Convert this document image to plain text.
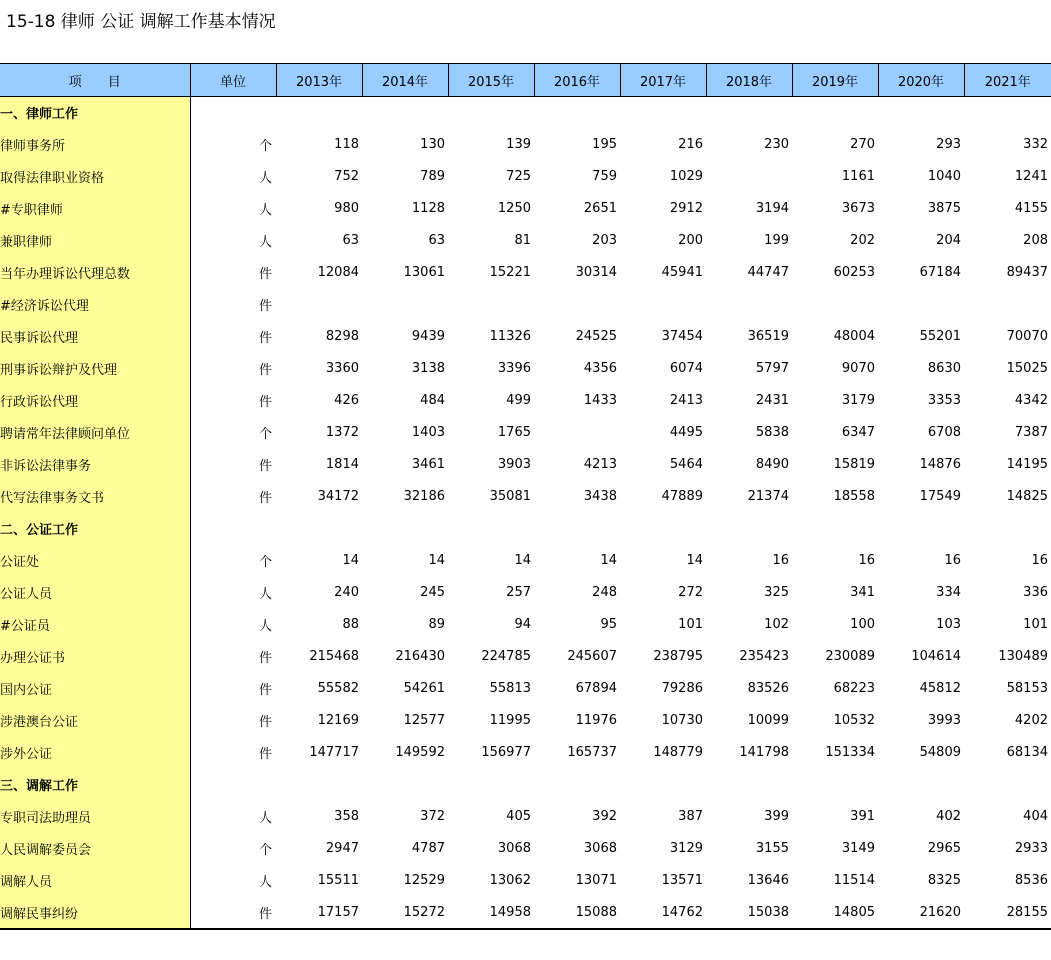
15-18 律师 公证 调解工作基本情况
项　　目	单位	2013年	2014年	2015年	2016年	2017年	2018年	2019年	2020年	2021年
一、律师工作										
律师事务所	个	118	130	139	195	216	230	270	293	332
取得法律职业资格	人	752	789	725	759	1029		1161	1040	1241
#专职律师	人	980	1128	1250	2651	2912	3194	3673	3875	4155
兼职律师	人	63	63	81	203	200	199	202	204	208
当年办理诉讼代理总数	件	12084	13061	15221	30314	45941	44747	60253	67184	89437
#经济诉讼代理	件									
民事诉讼代理	件	8298	9439	11326	24525	37454	36519	48004	55201	70070
刑事诉讼辩护及代理	件	3360	3138	3396	4356	6074	5797	9070	8630	15025
行政诉讼代理	件	426	484	499	1433	2413	2431	3179	3353	4342
聘请常年法律顾问单位	个	1372	1403	1765		4495	5838	6347	6708	7387
非诉讼法律事务	件	1814	3461	3903	4213	5464	8490	15819	14876	14195
代写法律事务文书	件	34172	32186	35081	3438	47889	21374	18558	17549	14825
二、公证工作										
公证处	个	14	14	14	14	14	16	16	16	16
公证人员	人	240	245	257	248	272	325	341	334	336
#公证员	人	88	89	94	95	101	102	100	103	101
办理公证书	件	215468	216430	224785	245607	238795	235423	230089	104614	130489
国内公证	件	55582	54261	55813	67894	79286	83526	68223	45812	58153
涉港澳台公证	件	12169	12577	11995	11976	10730	10099	10532	3993	4202
涉外公证	件	147717	149592	156977	165737	148779	141798	151334	54809	68134
三、调解工作										
专职司法助理员	人	358	372	405	392	387	399	391	402	404
人民调解委员会	个	2947	4787	3068	3068	3129	3155	3149	2965	2933
调解人员	人	15511	12529	13062	13071	13571	13646	11514	8325	8536
调解民事纠纷	件	17157	15272	14958	15088	14762	15038	14805	21620	28155
